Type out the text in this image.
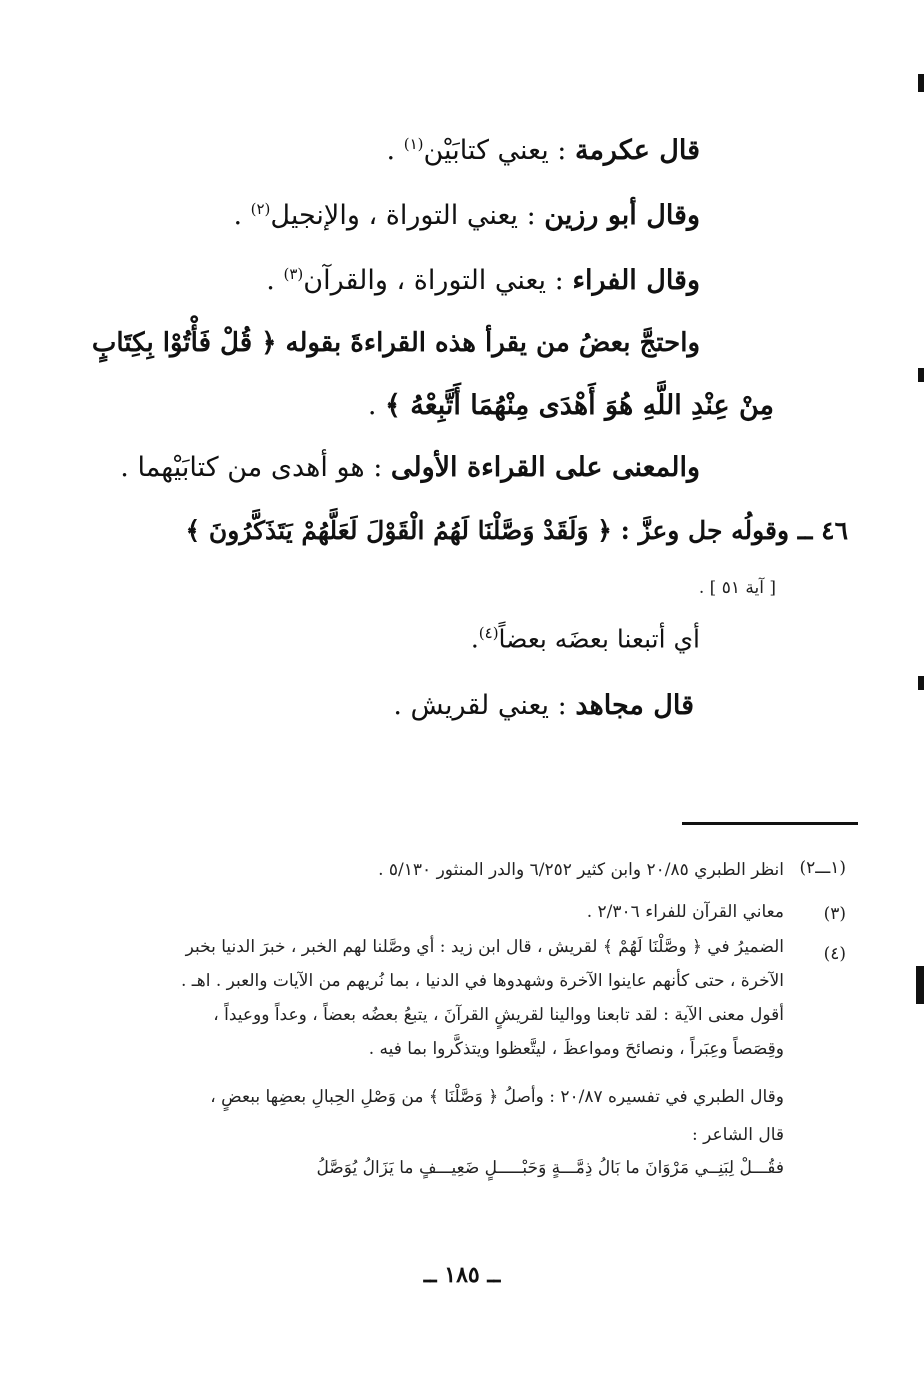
قال عكرمة : يعني كتابَيْن$^{(١)}$ .
وقال أبو رزين : يعني التوراة ، والإنجيل$^{(٢)}$ .
وقال الفراء : يعني التوراة ، والقرآن$^{(٣)}$ .
واحتجَّ بعضُ من يقرأ هذه القراءةَ بقوله ﴿ قُلْ فَأْتُوْا بِكِتَابٍ
مِنْ عِنْدِ اللَّهِ هُوَ أَهْدَى مِنْهُمَا أَتَّبِعْهُ ﴾ .
والمعنى على القراءة الأولى : هو أهدى من كتابَيْهما .
٤٦ ــ وقولُه جل وعزَّ : ﴿ وَلَقَدْ وَصَّلْنَا لَهُمُ الْقَوْلَ لَعَلَّهُمْ يَتَذَكَّرُونَ ﴾
[ آية ٥١ ] .
أي أتبعنا بعضَه بعضاً$^{(٤)}$.
قال مجاهد : يعني لقريش .
(١ـــ٢)
انظر الطبري ٢٠/٨٥ وابن كثير ٦/٢٥٢ والدر المنثور ٥/١٣٠ .
(٣)
معاني القرآن للفراء ٢/٣٠٦ .
(٤)
الضميرُ في ﴿ وصَّلْنَا لَهُمْ ﴾ لقريش ، قال ابن زيد : أي وصَّلنا لهم الخبر ، خبرَ الدنيا بخبر
الآخرة ، حتى كأنهم عاينوا الآخرة وشهدوها في الدنيا ، بما نُريهم من الآيات والعبر . اهـ .
أقول معنى الآية : لقد تابعنا ووالينا لقريشٍ القرآنَ ، يتبعُ بعضُه بعضاً ، وعداً ووعيداً ،
وقِصَصاً وعِبَراً ، ونصائحَ ومواعظَ ، ليتَّعظوا ويتذكَّروا بما فيه .
وقال الطبري في تفسيره ٢٠/٨٧ : وأصلُ ﴿ وَصَّلْنَا ﴾ من وَصْلِ الحِبالِ بعضِها ببعضٍ ،
قال الشاعر :
فقُـــلْ لِبَنِــي مَرْوَانَ ما بَالُ ذِمَّـــةٍ وَحَبْـــــلٍ ضَعِيـــفٍ ما يَزَالُ يُوَصَّلُ
ــ ١٨٥ ــ
